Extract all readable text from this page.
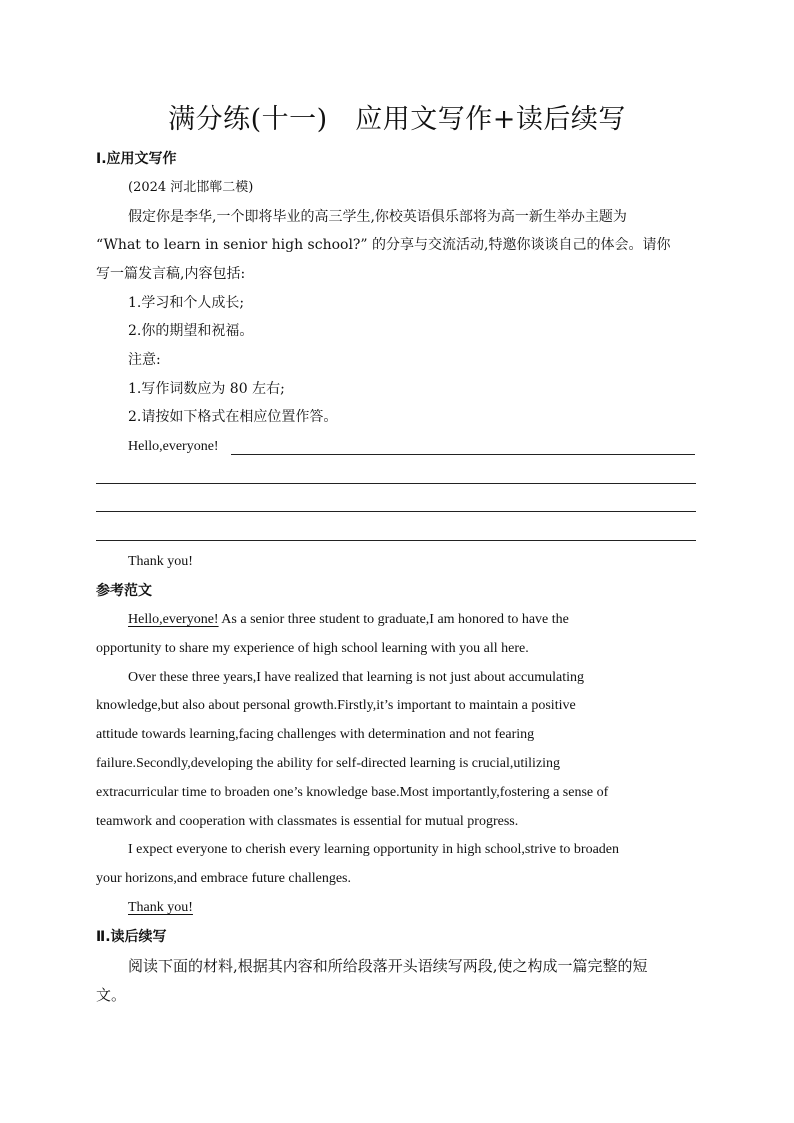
满分练(十一)　应用文写作+读后续写
Ⅰ.应用文写作
(2024 河北邯郸二模)
假定你是李华,一个即将毕业的高三学生,你校英语俱乐部将为高一新生举办主题为
“What to learn in senior high school?” 的分享与交流活动,特邀你谈谈自己的体会。请你
写一篇发言稿,内容包括:
1.学习和个人成长;
2.你的期望和祝福。
注意:
1.写作词数应为 80 左右;
2.请按如下格式在相应位置作答。
Hello,everyone!
Thank you!
参考范文
Hello,everyone! As a senior three student to graduate,I am honored to have the
opportunity to share my experience of high school learning with you all here.
Over these three years,I have realized that learning is not just about accumulating
knowledge,but also about personal growth.Firstly,it’s important to maintain a positive
attitude towards learning,facing challenges with determination and not fearing
failure.Secondly,developing the ability for self-directed learning is crucial,utilizing
extracurricular time to broaden one’s knowledge base.Most importantly,fostering a sense of
teamwork and cooperation with classmates is essential for mutual progress.
I expect everyone to cherish every learning opportunity in high school,strive to broaden
your horizons,and embrace future challenges.
Thank you!
Ⅱ.读后续写
阅读下面的材料,根据其内容和所给段落开头语续写两段,使之构成一篇完整的短
文。
